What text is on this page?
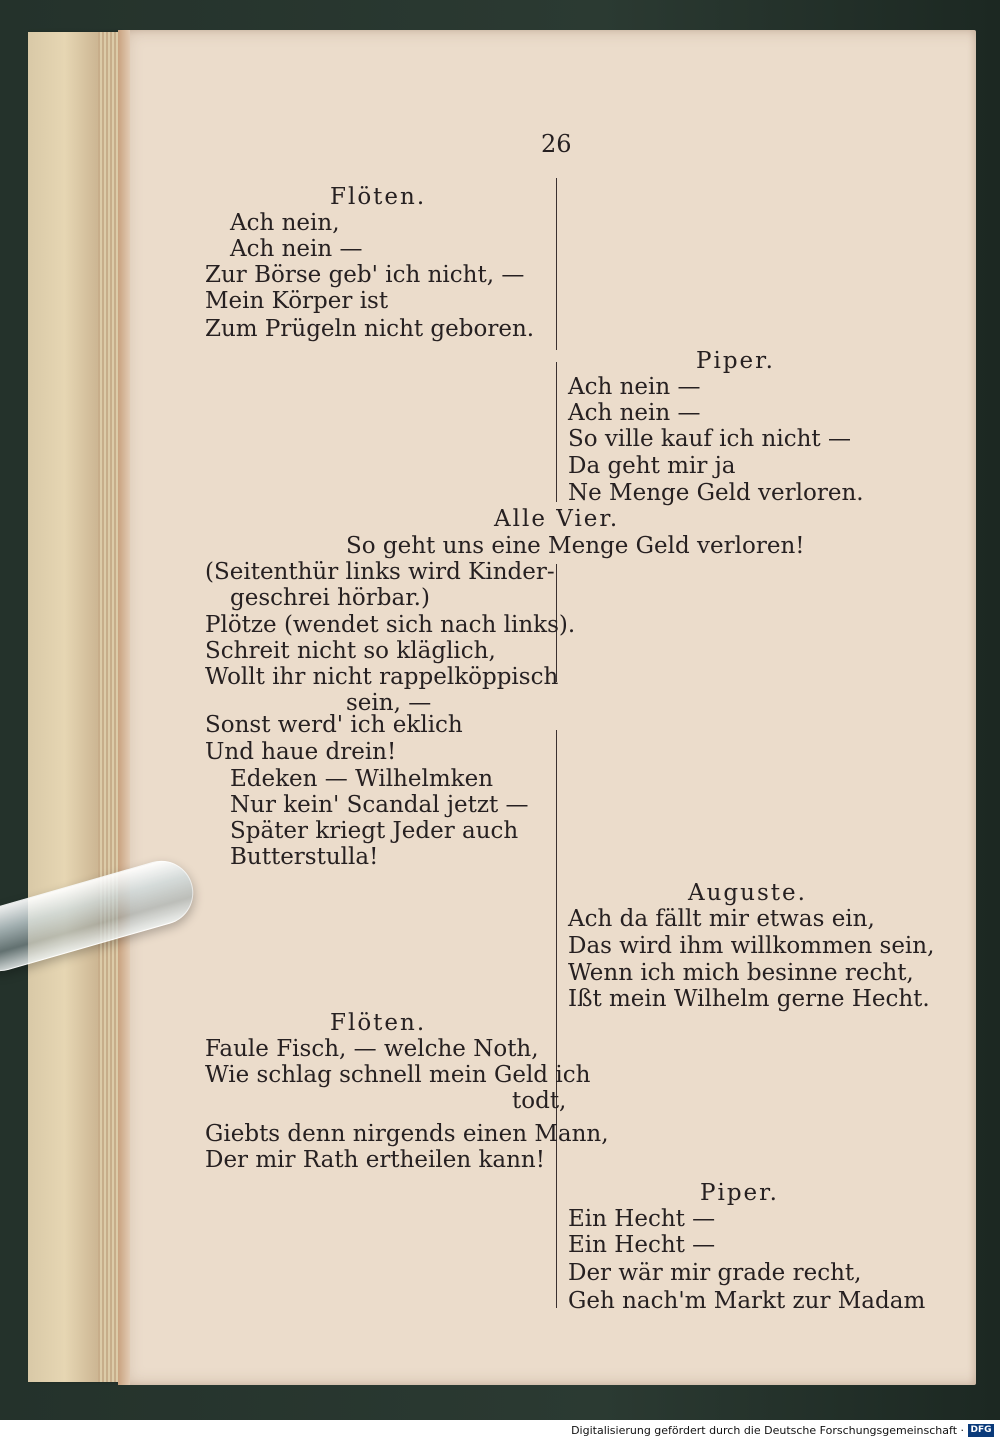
26
Flöten.
Ach nein,
Ach nein —
Zur Börse geb' ich nicht, —
Mein Körper ist
Zum Prügeln nicht geboren.
Piper.
Ach nein —
Ach nein —
So ville kauf ich nicht —
Da geht mir ja
Ne Menge Geld verloren.
Alle Vier.
So geht uns eine Menge Geld verloren!
(Seitenthür links wird Kinder-
geschrei hörbar.)
Plötze (wendet sich nach links).
Schreit nicht so kläglich,
Wollt ihr nicht rappelköppisch
sein, —
Sonst werd' ich eklich
Und haue drein!
Edeken — Wilhelmken
Nur kein' Scandal jetzt —
Später kriegt Jeder auch
Butterstulla!
Auguste.
Ach da fällt mir etwas ein,
Das wird ihm willkommen sein,
Wenn ich mich besinne recht,
Ißt mein Wilhelm gerne Hecht.
Flöten.
Faule Fisch, — welche Noth,
Wie schlag schnell mein Geld ich
todt,
Giebts denn nirgends einen Mann,
Der mir Rath ertheilen kann!
Piper.
Ein Hecht —
Ein Hecht —
Der wär mir grade recht,
Geh nach'm Markt zur Madam
Digitalisierung gefördert durch die Deutsche Forschungsgemeinschaft · DFG
